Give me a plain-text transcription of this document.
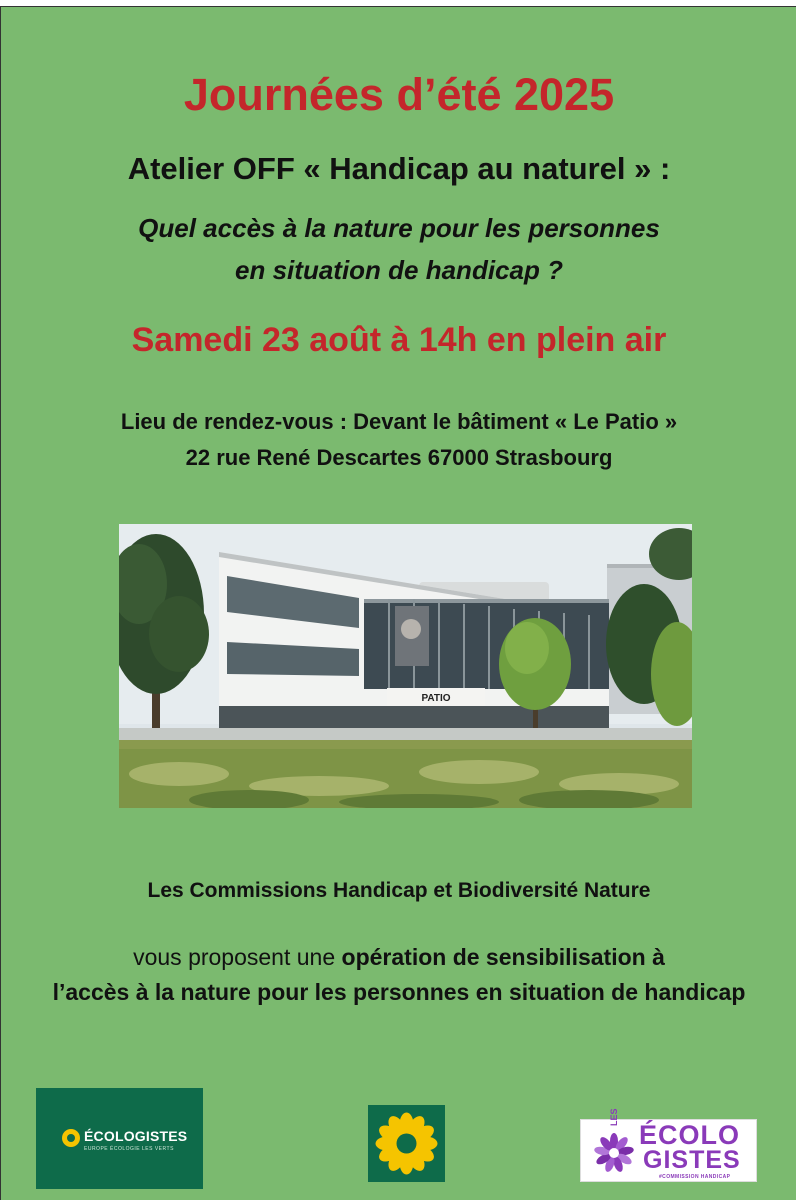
Journées d’été 2025
Atelier OFF « Handicap au naturel » :
Quel accès à la nature pour les personnes
en situation de handicap ?
Samedi 23 août à 14h en plein air
Lieu de rendez-vous : Devant le bâtiment « Le Patio »
22 rue René Descartes 67000 Strasbourg
PATIO
Les Commissions Handicap et Biodiversité Nature
vous proposent une opération de sensibilisation à
l’accès à la nature pour les personnes en situation de handicap
ÉCOLOGISTES
EUROPE ÉCOLOGIE LES VERTS
LES
ÉCOLO
GISTES
#COMMISSION HANDICAP
